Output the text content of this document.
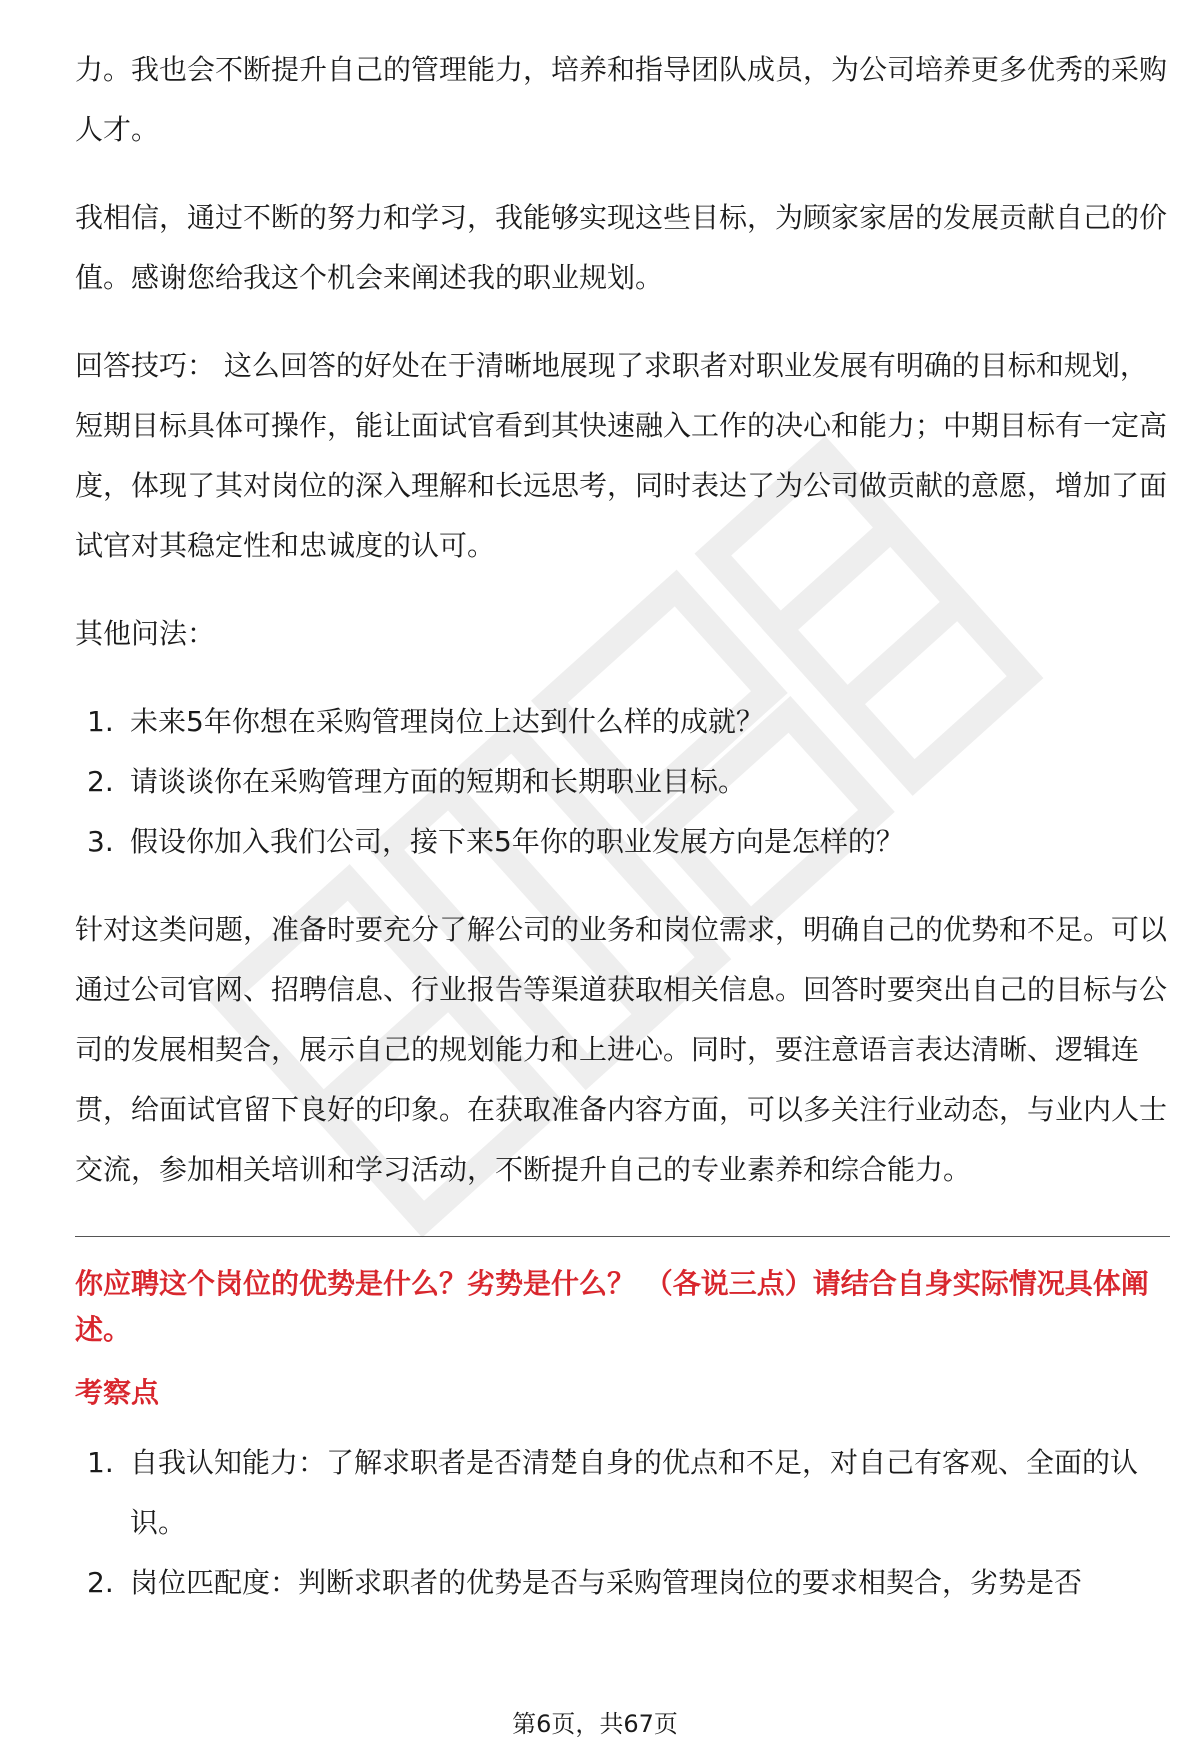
力。我也会不断提升自己的管理能力，培养和指导团队成员，为公司培养更多优秀的采购人才。

我相信，通过不断的努力和学习，我能够实现这些目标，为顾家家居的发展贡献自己的价值。感谢您给我这个机会来阐述我的职业规划。

回答技巧： 这么回答的好处在于清晰地展现了求职者对职业发展有明确的目标和规划，短期目标具体可操作，能让面试官看到其快速融入工作的决心和能力；中期目标有一定高度，体现了其对岗位的深入理解和长远思考，同时表达了为公司做贡献的意愿，增加了面试官对其稳定性和忠诚度的认可。

其他问法：

1. 未来5年你想在采购管理岗位上达到什么样的成就？
2. 请谈谈你在采购管理方面的短期和长期职业目标。
3. 假设你加入我们公司，接下来5年你的职业发展方向是怎样的？

针对这类问题，准备时要充分了解公司的业务和岗位需求，明确自己的优势和不足。可以通过公司官网、招聘信息、行业报告等渠道获取相关信息。回答时要突出自己的目标与公司的发展相契合，展示自己的规划能力和上进心。同时，要注意语言表达清晰、逻辑连贯，给面试官留下良好的印象。在获取准备内容方面，可以多关注行业动态，与业内人士交流，参加相关培训和学习活动，不断提升自己的专业素养和综合能力。

你应聘这个岗位的优势是什么？劣势是什么？ （各说三点）请结合自身实际情况具体阐述。

考察点

1. 自我认知能力：了解求职者是否清楚自身的优点和不足，对自己有客观、全面的认识。
2. 岗位匹配度：判断求职者的优势是否与采购管理岗位的要求相契合，劣势是否
第6页，共67页
